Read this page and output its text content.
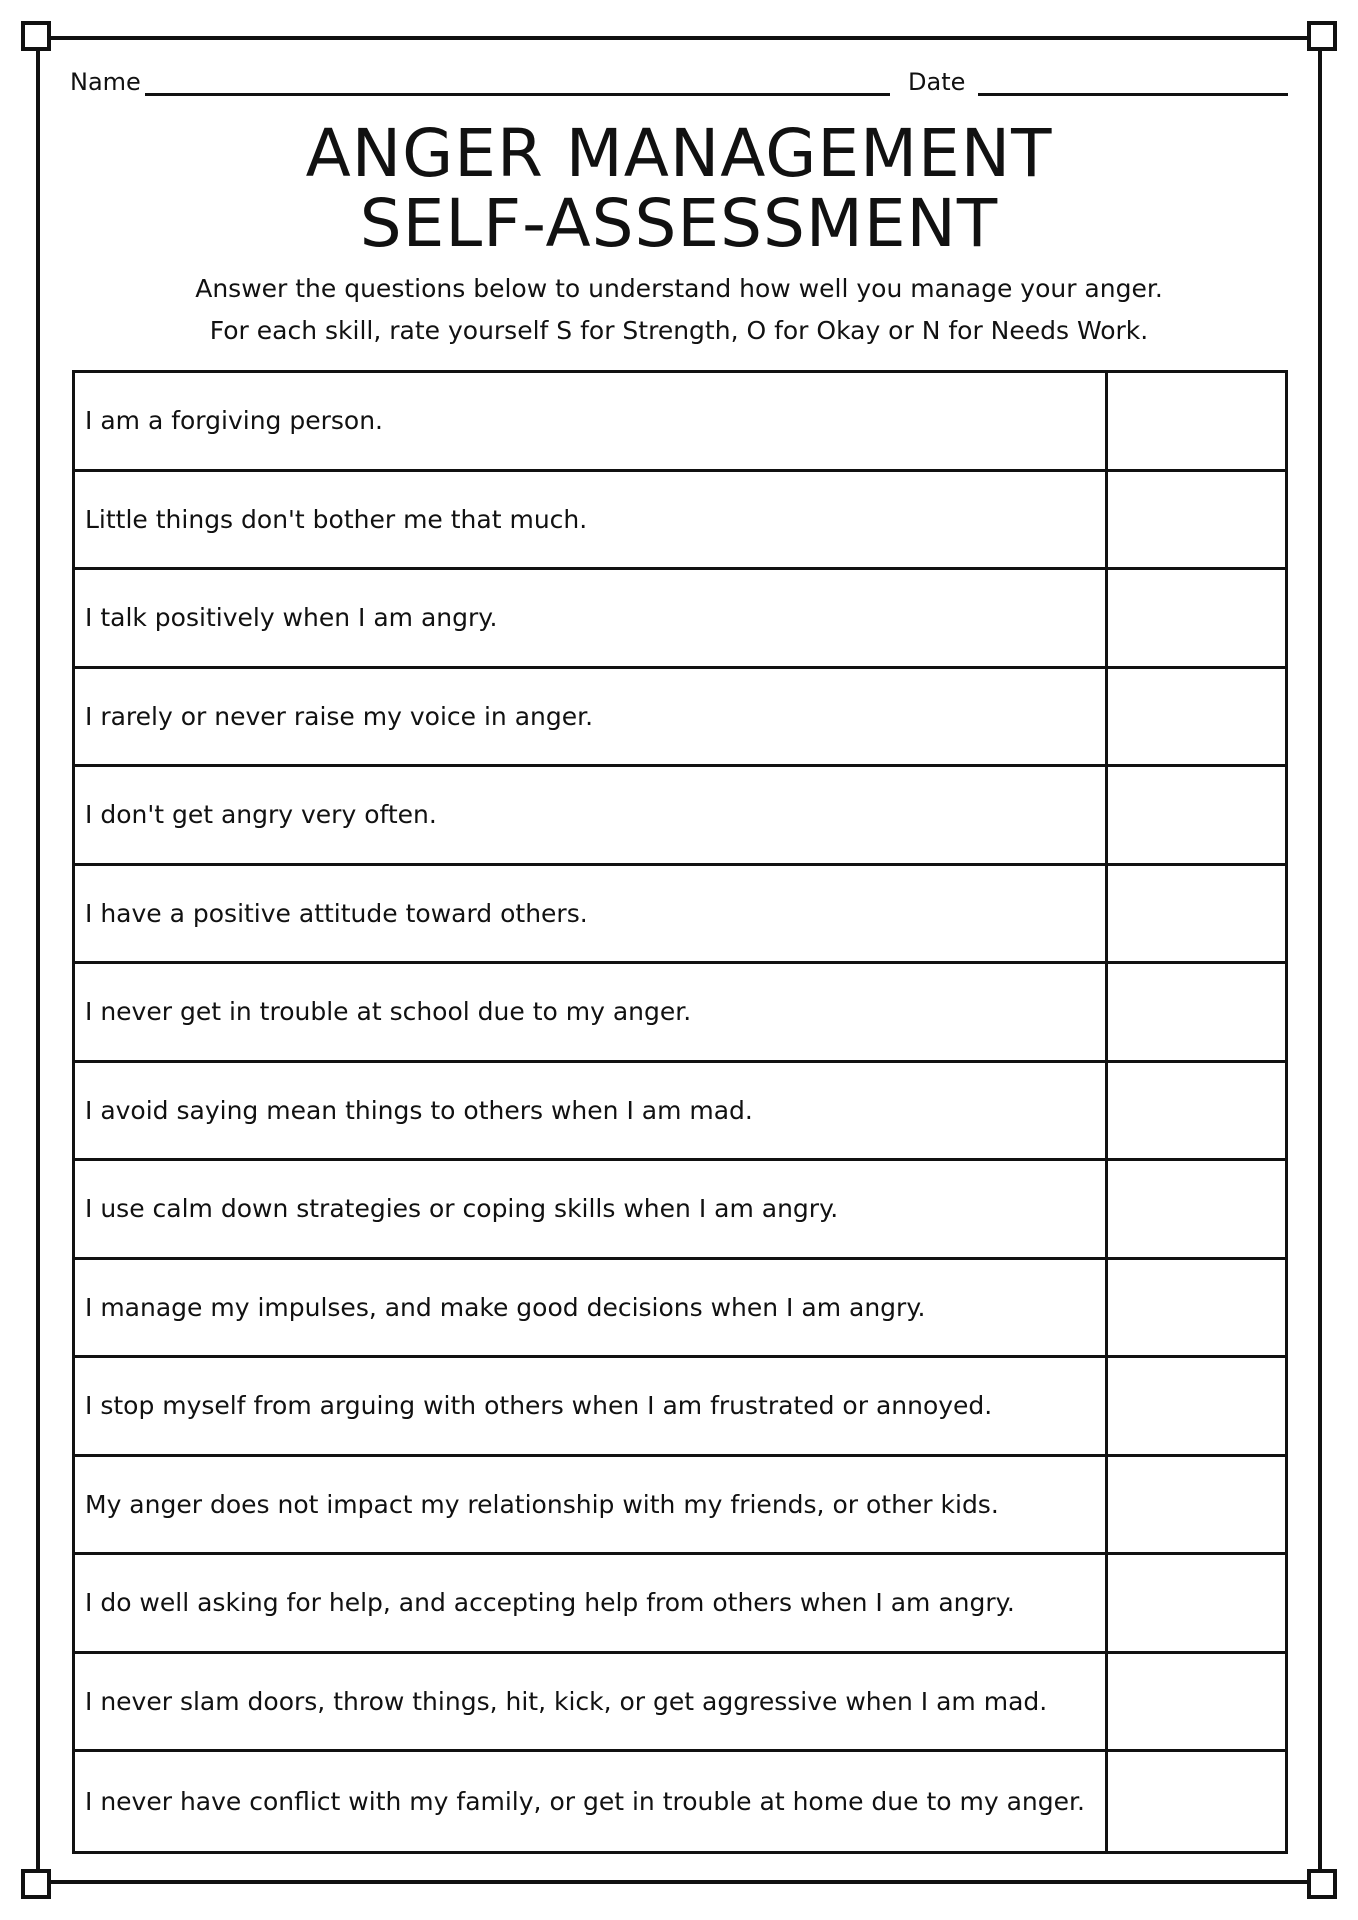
Name	Date
ANGER MANAGEMENT
SELF-ASSESSMENT
Answer the questions below to understand how well you manage your anger.
For each skill, rate yourself S for Strength, O for Okay or N for Needs Work.
I am a forgiving person.
Little things don't bother me that much.
I talk positively when I am angry.
I rarely or never raise my voice in anger.
I don't get angry very often.
I have a positive attitude toward others.
I never get in trouble at school due to my anger.
I avoid saying mean things to others when I am mad.
I use calm down strategies or coping skills when I am angry.
I manage my impulses, and make good decisions when I am angry.
I stop myself from arguing with others when I am frustrated or annoyed.
My anger does not impact my relationship with my friends, or other kids.
I do well asking for help, and accepting help from others when I am angry.
I never slam doors, throw things, hit, kick, or get aggressive when I am mad.
I never have conflict with my family, or get in trouble at home due to my anger.
